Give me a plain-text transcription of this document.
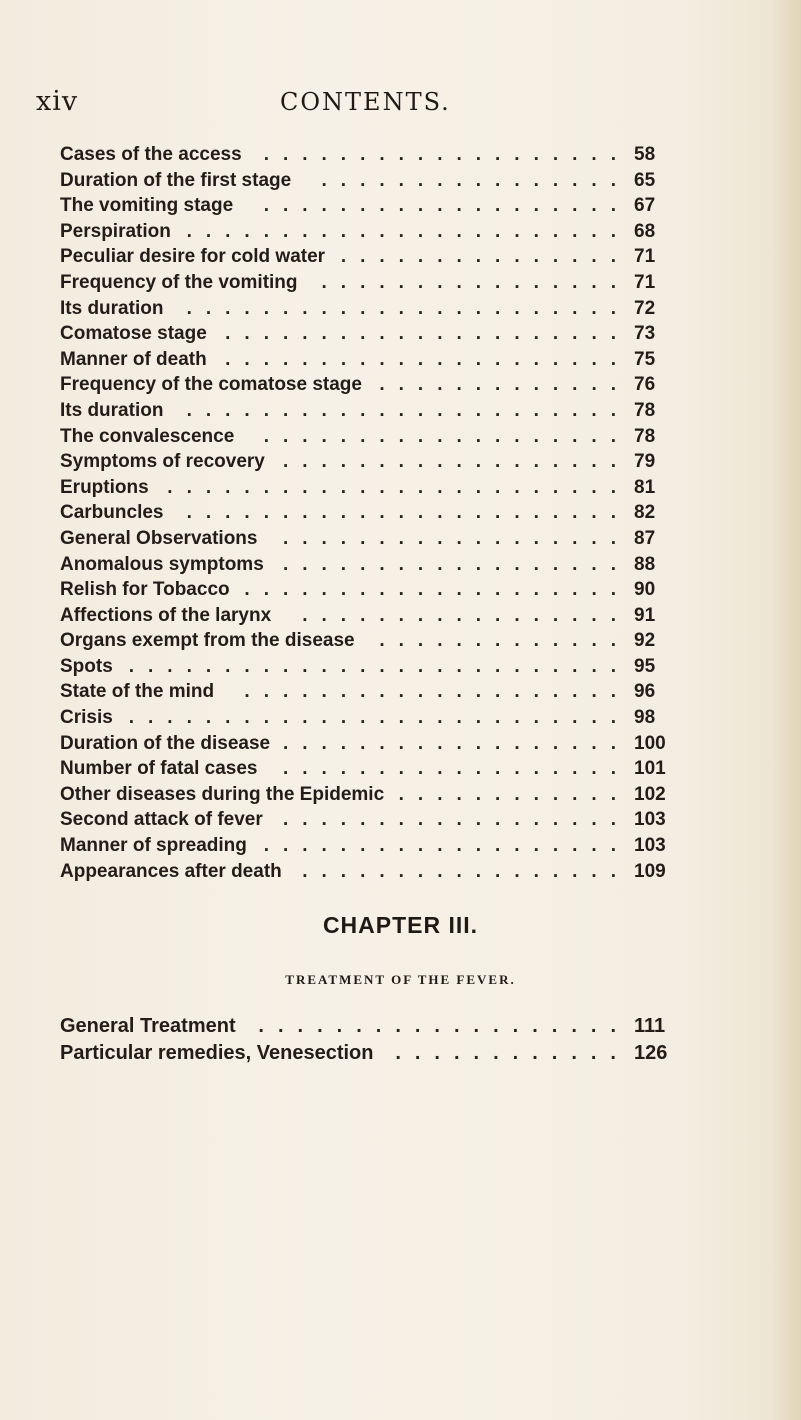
xiv	CONTENTS.
Cases of the access ................... 58
Duration of the first stage ................ 65
The vomiting stage ................... 67
Perspiration ....................... 68
Peculiar desire for cold water ............... 71
Frequency of the vomiting ................ 71
Its duration ....................... 72
Comatose stage ..................... 73
Manner of death ..................... 75
Frequency of the comatose stage ............. 76
Its duration ....................... 78
The convalescence ................... 78
Symptoms of recovery .................. 79
Eruptions ........................ 81
Carbuncles ....................... 82
General Observations .................. 87
Anomalous symptoms .................. 88
Relish for Tobacco .................... 90
Affections of the larynx ................. 91
Organs exempt from the disease ............. 92
Spots .......................... 95
State of the mind .................... 96
Crisis .......................... 98
Duration of the disease .................. 100
Number of fatal cases .................. 101
Other diseases during the Epidemic ............ 102
Second attack of fever .................. 103
Manner of spreading ................... 103
Appearances after death ................. 109
CHAPTER III.
TREATMENT OF THE FEVER.
General Treatment ................... 111
Particular remedies, Venesection ............ 126
